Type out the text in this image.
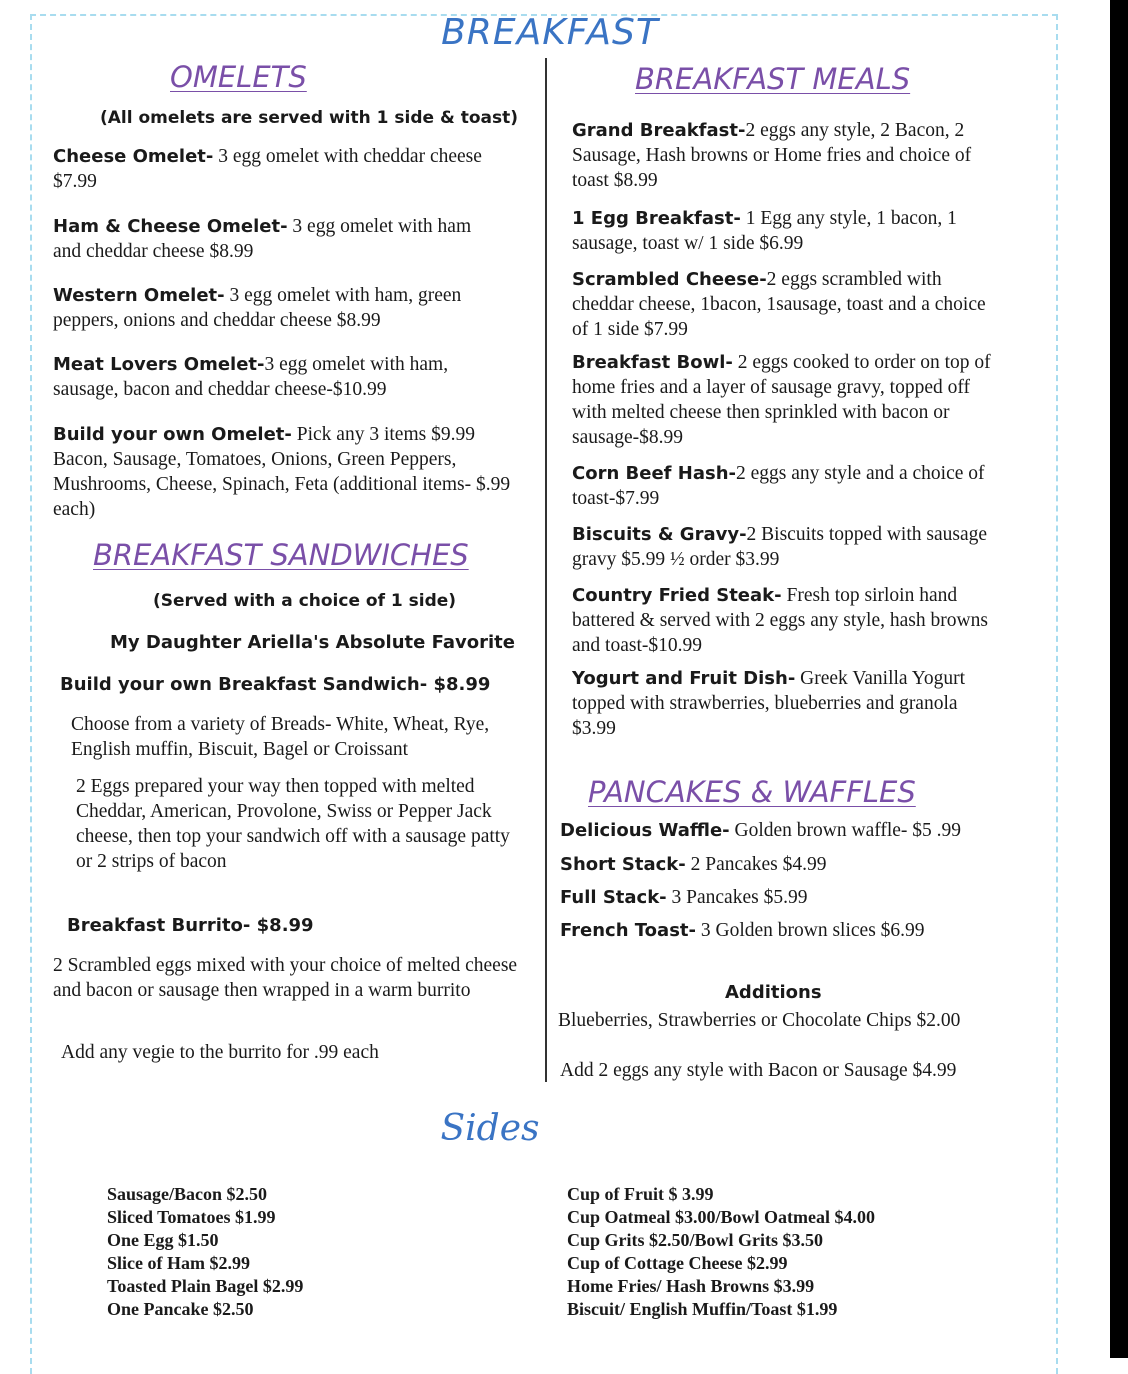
BREAKFAST
OMELETS
(All omelets are served with 1 side & toast)
Cheese Omelet- 3 egg omelet with cheddar cheese $7.99
Ham & Cheese Omelet- 3 egg omelet with ham and cheddar cheese $8.99
Western Omelet- 3 egg omelet with ham, green peppers, onions and cheddar cheese $8.99
Meat Lovers Omelet-3 egg omelet with ham, sausage, bacon and cheddar cheese-$10.99
Build your own Omelet- Pick any 3 items $9.99 Bacon, Sausage, Tomatoes, Onions, Green Peppers, Mushrooms, Cheese, Spinach, Feta (additional items- $.99 each)
BREAKFAST SANDWICHES
(Served with a choice of 1 side)
My Daughter Ariella's Absolute Favorite
Build your own Breakfast Sandwich- $8.99
Choose from a variety of Breads- White, Wheat, Rye, English muffin, Biscuit, Bagel or Croissant
2 Eggs prepared your way then topped with melted Cheddar, American, Provolone, Swiss or Pepper Jack cheese, then top your sandwich off with a sausage patty or 2 strips of bacon
Breakfast Burrito- $8.99
2 Scrambled eggs mixed with your choice of melted cheese and bacon or sausage then wrapped in a warm burrito
Add any vegie to the burrito for .99 each
BREAKFAST MEALS
Grand Breakfast-2 eggs any style, 2 Bacon, 2 Sausage, Hash browns or Home fries and choice of toast $8.99
1 Egg Breakfast- 1 Egg any style, 1 bacon, 1 sausage, toast w/ 1 side $6.99
Scrambled Cheese-2 eggs scrambled with cheddar cheese, 1bacon, 1sausage, toast and a choice of 1 side $7.99
Breakfast Bowl- 2 eggs cooked to order on top of home fries and a layer of sausage gravy, topped off with melted cheese then sprinkled with bacon or sausage-$8.99
Corn Beef Hash-2 eggs any style and a choice of toast-$7.99
Biscuits & Gravy-2 Biscuits topped with sausage gravy $5.99 ½ order $3.99
Country Fried Steak- Fresh top sirloin hand battered & served with 2 eggs any style, hash browns and toast-$10.99
Yogurt and Fruit Dish- Greek Vanilla Yogurt topped with strawberries, blueberries and granola $3.99
PANCAKES & WAFFLES
Delicious Waffle- Golden brown waffle- $5 .99
Short Stack- 2 Pancakes $4.99
Full Stack- 3 Pancakes $5.99
French Toast- 3 Golden brown slices $6.99
Additions
Blueberries, Strawberries or Chocolate Chips $2.00
Add 2 eggs any style with Bacon or Sausage $4.99
Sides
Sausage/Bacon $2.50
Sliced Tomatoes $1.99
One Egg $1.50
Slice of Ham $2.99
Toasted Plain Bagel $2.99
One Pancake $2.50
Cup of Fruit $ 3.99
Cup Oatmeal $3.00/Bowl Oatmeal $4.00
Cup Grits $2.50/Bowl Grits $3.50
Cup of Cottage Cheese $2.99
Home Fries/ Hash Browns $3.99
Biscuit/ English Muffin/Toast $1.99
